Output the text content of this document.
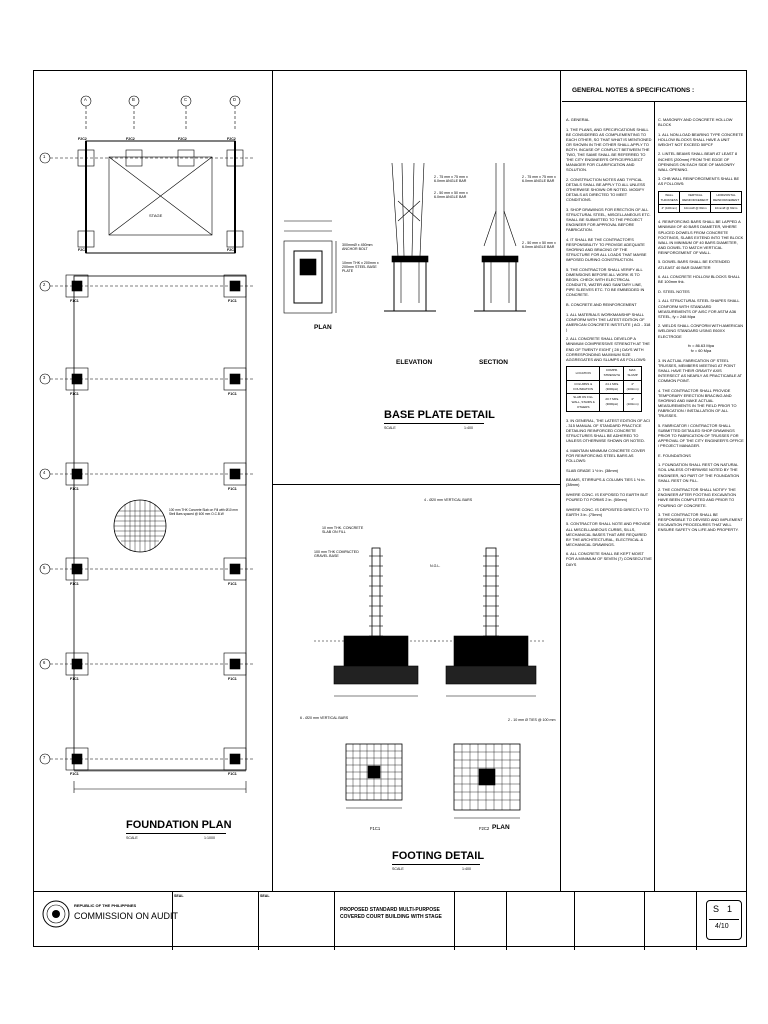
STAGE
A	B	C	D
1
2
3
4
5
6
7
F2C2	F2C2	F2C2	F2C2
F2C2	F2C2
F1C1	F1C1
F1C1	F1C1
F1C1	F1C1
F1C1	F1C1
F1C1	F1C1
F1C1	F1C1
100 mm THK Concrete Slab on Fill with Ø10 mm Stell Bars spaced @ 600 mm O.C.B.W
FOUNDATION PLAN
SCALE	1:1000
2 - 75 mm x 75 mm x 6.0mm ANGLE BAR
2 - 50 mm x 50 mm x 6.0mm ANGLE BAR
300mmØ x 450mm ANCHOR BOLT
10mm THK x 200mm x 200mm STEEL BASE PLATE
2 - 75 mm x 75 mm x 6.0mm ANGLE BAR
2 - 50 mm x 50 mm x 6.0mm ANGLE BAR
PLAN
ELEVATION	SECTION
BASE PLATE DETAIL
SCALE	1:400
N.G.L.
4 - Ø20 mm VERTICAL BARS
10 mm THK. CONCRETE SLAB ON FILL
100 mm THK COMPACTED GRAVEL BASE
6 - Ø20 mm VERTICAL BARS	2 - 10 mm Ø TIES @ 100 mm
PLAN
F1C1	F2C2
FOOTING DETAIL
SCALE	1:400
GENERAL NOTES & SPECIFICATIONS :

A. GENERAL

1. THE PLANS, AND SPECIFICATIONS SHALL BE CONSIDERED AS COMPLEMENTING TO EACH OTHER, SO THAT WHAT IS MENTIONED OR SHOWN IN THE OTHER SHALL APPLY TO BOTH. INCASE OF CONFLICT BETWEEN THE TWO, THE SAME SHALL BE REFERRED TO THE CITY ENGINEER'S OFFICE/PROJECT MANAGER FOR CLARIFICATION AND SOLUTION.

2. CONSTRUCTION NOTES AND TYPICAL DETAILS SHALL BE APPLY TO ALL UNLESS OTHERWISE SHOWN OR NOTED. MODIFY DETAILS AS DIRECTED TO MEET CONDITIONS.

3. SHOP DRAWINGS FOR ERECTION OF ALL STRUCTURAL STEEL, MISCELLANEOUS ETC. SHALL BE SUBMITTED TO THE PROJECT ENGINEER FOR APPROVAL BEFORE FABRICATION.

4. IT SHALL BE THE CONTRACTOR'S RESPONSIBILITY TO PROVIDE ADEQUATE SHORING AND BRACING OF THE STRUCTURE FOR ALL LOADS THAT MAYBE IMPOSED DURING CONSTRUCTION.

5. THE CONTRACTOR SHALL VERIFY ALL DIMENSIONS BEFORE ALL WORK IS TO BEGIN. CHECK WITH ELECTRICAL CONDUITS, WATER AND SANITARY LINE, PIPE SLEEVES ETC. TO BE EMBEDDED IN CONCRETE.

B. CONCRETE AND REINFORCEMENT

1. ALL MATERIALS WORKMANSHIP SHALL CONFORM WITH THE LATEST EDITION OF AMERICAN CONCRETE INSTITUTE ( ACI - 318 )

2. ALL CONCRETE SHALL DEVELOP A MINIMUM COMPRESSIVE STRENGTH AT THE END OF TWENTY EIGHT ( 28 ) DAYS WITH CORRESPONDING MAXIMUM SIZE AGGREGATES AND SLUMPS AS FOLLOWS:

LOCATION	COMPR. STRENGTH	MAX. SLUMP
COLUMNS & FOUNDATION	24.1 MPa (3000psi)	4" (100mm)
SLAB ON FILL WALL, STAIRS & OTHERS	20.7 MPa (3000psi)	4" (100mm)

3. IN GENERAL, THE LATEST EDITION OF ACI - 315 MANUAL OF STANDARD PRACTICE DETAILING REINFORCED CONCRETE STRUCTURES SHALL BE ADHERED TO UNLESS OTHERWISE SHOWN OR NOTED.

4. MAINTAIN MINIMUM CONCRETE COVER FOR REINFORCING STEEL BARS AS FOLLOWS:

SLAB GRADE 1 ½ in. (38mm)

BEAMS, STIRRUPS & COLUMN TIES 1 ½ in. (38mm)

WHERE CONC. IS EXPOSED TO EARTH BUT POURED TO FORMS 2 in. (50mm)

WHERE CONC. IS DEPOSITED DIRECTLY TO EARTH 3 in. (75mm)

5. CONTRACTOR SHALL NOTE AND PROVIDE ALL MISCELLANEOUS CURBS, SILLS, MECHANICAL BASES THAT ARE REQUIRED BY THE ARCHITECTURAL, ELECTRICAL & MECHANICAL DRAWINGS.

6. ALL CONCRETE SHALL BE KEPT MOIST FOR A MINIMUM OF SEVEN (7) CONSECUTIVE DAYS

C. MASONRY AND CONCRETE HOLLOW BLOCK

1. ALL NON-LOAD BEARING TYPE CONCRETE HOLLOW BLOCKS SHALL HAVE A UNIT WEIGHT NOT EXCEED 50PCF

2. LINTEL BEAMS SHALL BEAR AT LEAST 8 INCHES (200mm) FROM THE EDGE OF OPENINGS ON EACH SIDE OF MASONRY WALL OPENING.

3. CHB WALL REINFORCEMENTS SHALL BE AS FOLLOWS:

WALL THICKNESS	VERTICAL REINFORCEMENT	HORIZONTAL REINFORCEMENT
4" (100mm)	10mmØ @ 60cm	10mmØ @ 60cm

4. REINFORCING BARS SHALL BE LAPPED A MINIMUM OF 40 BARS DIAMETER, WHERE SPLICED DOWELS FROM CONCRETE FOOTINGS, SLABS EXTEND INTO THE BLOCK WALL IN MINIMUM OF 40 BARS DIAMETER, AND DOWEL TO MATCH VERTICAL REINFORCEMENT OF WALL.

5. DOWEL BARS SHALL BE EXTENDED ATLEAST 40 BAR DIAMETER

6. ALL CONCRETE HOLLOW BLOCKS SHALL BE 100mm thk.

D. STEEL NOTES

1. ALL STRUCTURAL STEEL SHAPES SHALL CONFORM WITH STANDARD MEASUREMENTS OF AISC FOR ASTM A36 STEEL, fy = 248 Mpa

2. WELDS SHALL CONFORM WITH AMERICAN WELDING STANDARD USING E60XX ELECTRODE

fv = 86.63 Mpa

fv = 60 Mpa

3. IN ACTUAL FABRICATION OF STEEL TRUSSES, MEMBERS MEETING AT POINT SHALL HAVE THEIR GRAVITY AXIS INTERSECT AS NEARLY AS PRACTICABLE AT COMMON POINT.

4. THE CONTRACTOR SHALL PROVIDE TEMPORARY ERECTION BRACING AND SHORING AND MAKE ACTUAL MEASUREMENTS IN THE FIELD PRIOR TO FABRICATION / INSTALLATION OF ALL TRUSSES.

5. FABRICATOR / CONTRACTOR SHALL SUBMITTED DETAILED SHOP DRAWINGS PRIOR TO FABRICATION OF TRUSSES FOR APPROVAL OF THE CITY ENGINEER'S OFFICE / PROJECT MANAGER.

E. FOUNDATIONS

1. FOUNDATION SHALL REST ON NATURAL SOIL UNLESS OTHERWISE NOTED BY THE ENGINEER, NO PART OF THE FOUNDATION SHALL REST ON FILL.

2. THE CONTRACTOR SHALL NOTIFY THE ENGINEER AFTER FOOTING EXCAVATION HAVE BEEN COMPLETED AND PRIOR TO POURING OF CONCRETE.

3. THE CONTRACTOR SHALL BE RESPONSIBLE TO DEVISED AND IMPLEMENT EXCAVATION PROCEDURES THAT WILL ENSURE SAFETY ON LIFE AND PROPERTY.

REPUBLIC OF THE PHILIPPINES
COMMISSION ON AUDIT
SEAL	SEAL
PROPOSED STANDARD MULTI-PURPOSE
COVERED COURT BUILDING WITH STAGE
S 1
4/10
